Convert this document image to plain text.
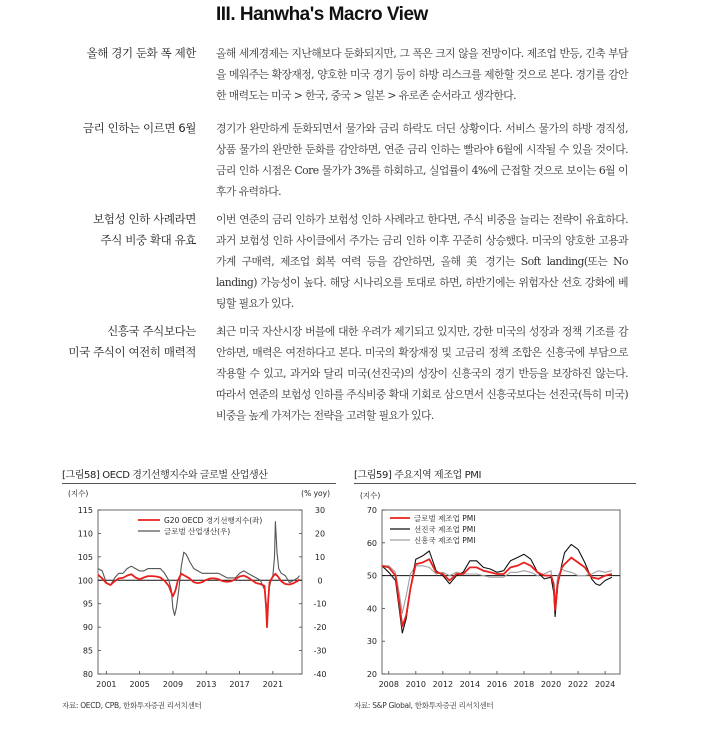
III. Hanwha's Macro View
올해 경기 둔화 폭 제한 올해 세계경제는 지난해보다 둔화되지만, 그 폭은 크지 않을 전망이다. 제조업 반등, 긴축 부담을 메워주는 확장재정, 양호한 미국 경기 등이 하방 리스크를 제한할 것으로 본다. 경기를 감안한 매력도는 미국 > 한국, 중국 > 일본 > 유로존 순서라고 생각한다.
금리 인하는 이르면 6월 경기가 완만하게 둔화되면서 물가와 금리 하락도 더딘 상황이다. 서비스 물가의 하방 경직성, 상품 물가의 완만한 둔화를 감안하면, 연준 금리 인하는 빨라야 6월에 시작될 수 있을 것이다. 금리 인하 시점은 Core 물가가 3%를 하회하고, 실업률이 4%에 근접할 것으로 보이는 6월 이후가 유력하다.
보험성 인하 사례라면
주식 비중 확대 유효
이번 연준의 금리 인하가 보험성 인하 사례라고 한다면, 주식 비중을 늘리는 전략이 유효하다. 과거 보험성 인하 사이클에서 주가는 금리 인하 이후 꾸준히 상승했다. 미국의 양호한 고용과 가계 구매력, 제조업 회복 여력 등을 감안하면, 올해 美 경기는 Soft landing(또는 No landing) 가능성이 높다. 해당 시나리오를 토대로 하면, 하반기에는 위험자산 선호 강화에 베팅할 필요가 있다.
신흥국 주식보다는
미국 주식이 여전히 매력적
최근 미국 자산시장 버블에 대한 우려가 제기되고 있지만, 강한 미국의 성장과 정책 기조를 감안하면, 매력은 여전하다고 본다. 미국의 확장재정 및 고금리 정책 조합은 신흥국에 부담으로 작용할 수 있고, 과거와 달리 미국(선진국)의 성장이 신흥국의 경기 반등을 보장하진 않는다. 따라서 연준의 보험성 인하를 주식비중 확대 기회로 삼으면서 신흥국보다는 선진국(특히 미국) 비중을 높게 가져가는 전략을 고려할 필요가 있다.
[그림58] OECD 경기선행지수와 글로벌 산업생산
(지수)	(% yoy)
115
110
105
100
95
90
85
80
30
20
10
0
-10
-20
-30
-40
2001 2005 2009 2013 2017 2021
G20 OECD 경기선행지수(좌)
글로벌 산업생산(우)
자료: OECD, CPB, 한화투자증권 리서치센터
[그림59] 주요지역 제조업 PMI
(지수)
70
60
50
40
30
20
2008 2010 2012 2014 2016 2018 2020 2022 2024
글로벌 제조업 PMI
선진국 제조업 PMI
신흥국 제조업 PMI
자료: S&P Global, 한화투자증권 리서치센터
